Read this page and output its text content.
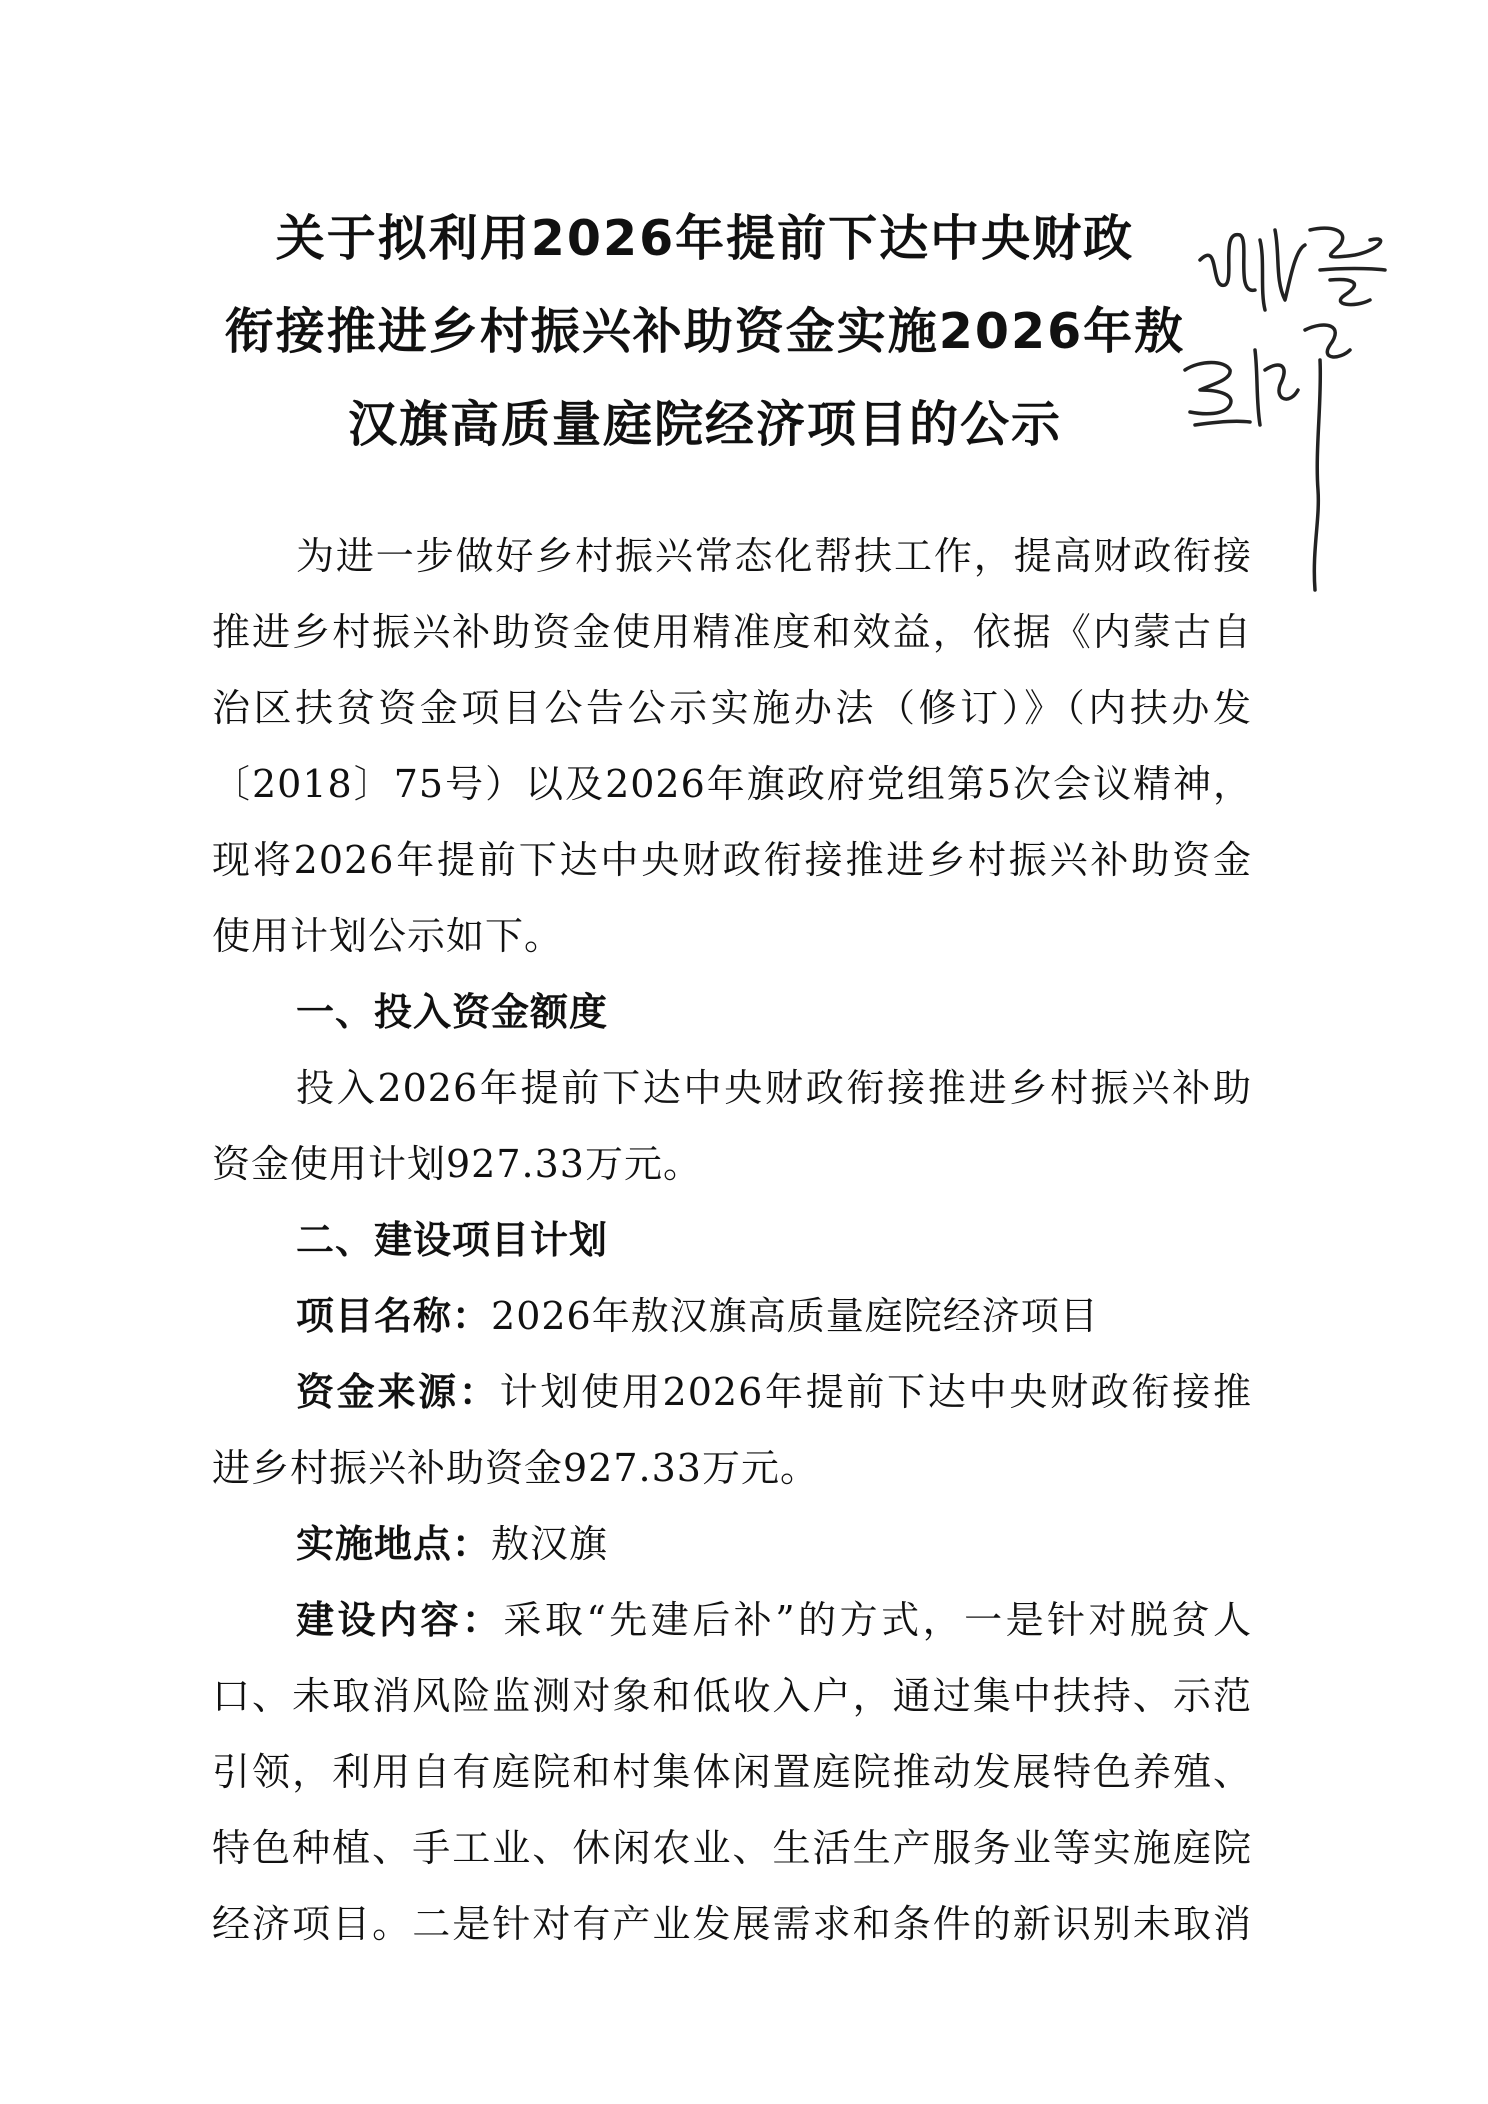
关于拟利用2026年提前下达中央财政
衔接推进乡村振兴补助资金实施2026年敖
汉旗高质量庭院经济项目的公示
为进一步做好乡村振兴常态化帮扶工作，提高财政衔接
推进乡村振兴补助资金使用精准度和效益，依据《内蒙古自
治区扶贫资金项目公告公示实施办法（修订）》（内扶办发
〔2018〕75号）以及2026年旗政府党组第5次会议精神，
现将2026年提前下达中央财政衔接推进乡村振兴补助资金
使用计划公示如下。
一、投入资金额度
投入2026年提前下达中央财政衔接推进乡村振兴补助
资金使用计划927.33万元。
二、建设项目计划
项目名称：2026年敖汉旗高质量庭院经济项目
资金来源：计划使用2026年提前下达中央财政衔接推
进乡村振兴补助资金927.33万元。
实施地点：敖汉旗
建设内容：采取“先建后补”的方式，一是针对脱贫人
口、未取消风险监测对象和低收入户，通过集中扶持、示范
引领，利用自有庭院和村集体闲置庭院推动发展特色养殖、
特色种植、手工业、休闲农业、生活生产服务业等实施庭院
经济项目。二是针对有产业发展需求和条件的新识别未取消
